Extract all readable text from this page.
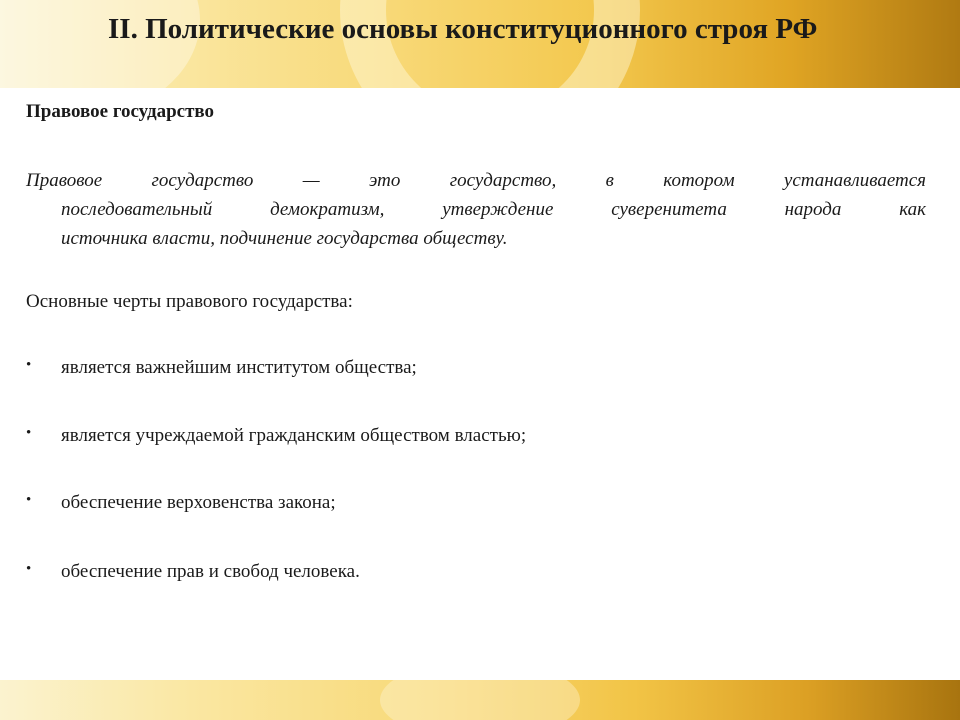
II. Политические основы конституционного строя РФ
Правовое государство

Правовое государство — это государство, в котором устанавливается
последовательный демократизм, утверждение суверенитета народа как
источника власти, подчинение государства обществу.

Основные черты правового государства:

• является важнейшим институтом общества;
• является учреждаемой гражданским обществом властью;
• обеспечение верховенства закона;
• обеспечение прав и свобод человека.
